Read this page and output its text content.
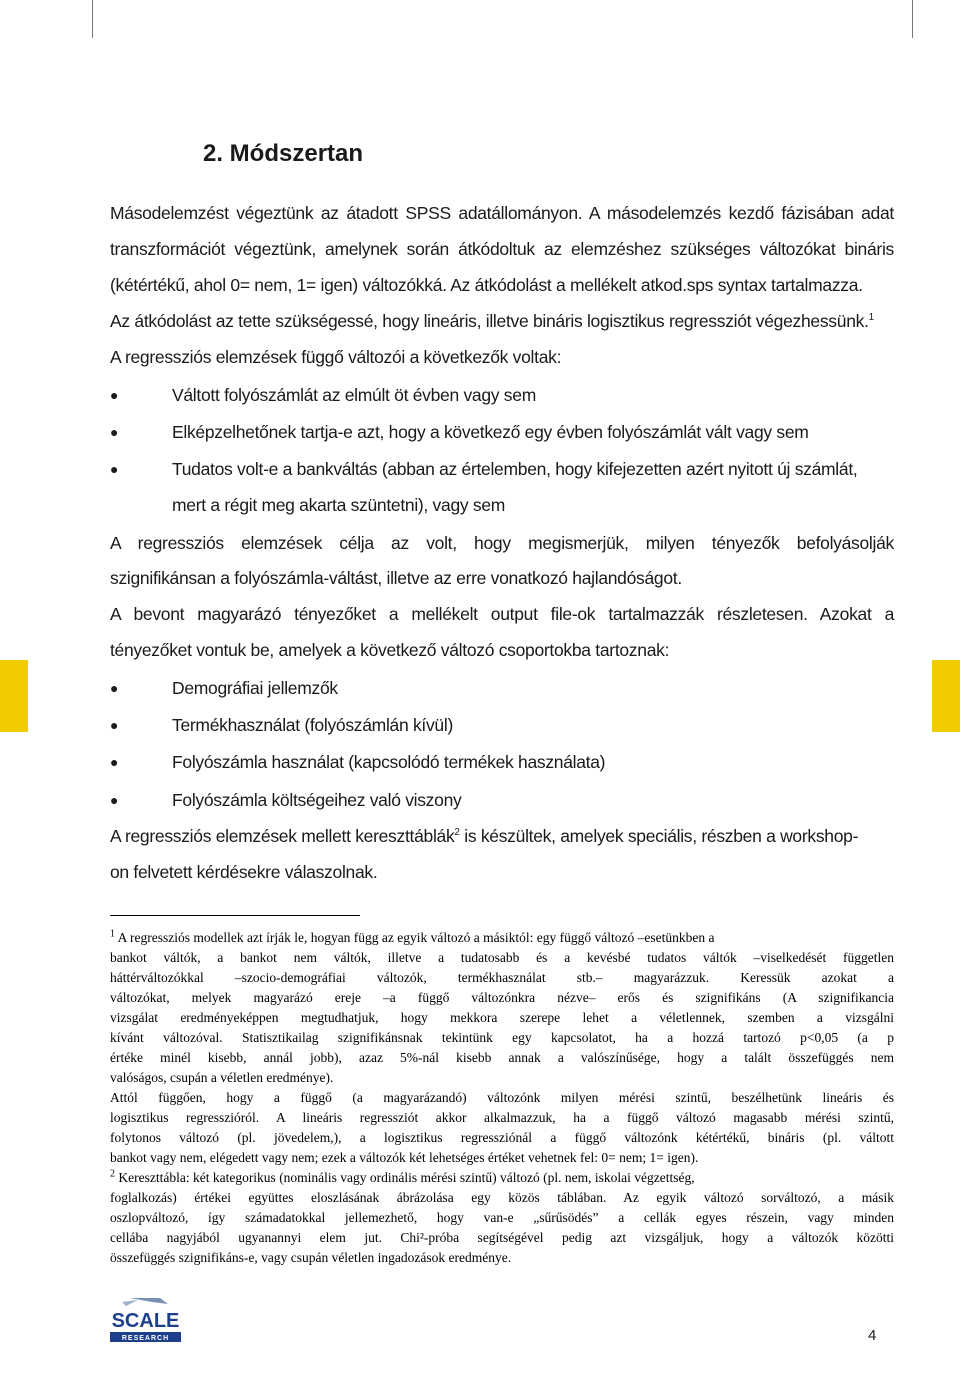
2. Módszertan
Másodelemzést végeztünk az átadott SPSS adatállományon. A másodelemzés kezdő fázisában adat
transzformációt végeztünk, amelynek során átkódoltuk az elemzéshez szükséges változókat bináris
(kétértékű, ahol 0= nem, 1= igen) változókká. Az átkódolást a mellékelt atkod.sps syntax tartalmazza.
Az átkódolást az tette szükségessé, hogy lineáris, illetve bináris logisztikus regressziót végezhessünk.$^1$
A regressziós elemzések függő változói a következők voltak:
●	Váltott folyószámlát az elmúlt öt évben vagy sem
●	Elképzelhetőnek tartja-e azt, hogy a következő egy évben folyószámlát vált vagy sem
●	Tudatos volt-e a bankváltás (abban az értelemben, hogy kifejezetten azért nyitott új számlát,
mert a régit meg akarta szüntetni), vagy sem
A regressziós elemzések célja az volt, hogy megismerjük, milyen tényezők befolyásolják
szignifikánsan a folyószámla-váltást, illetve az erre vonatkozó hajlandóságot.
A bevont magyarázó tényezőket a mellékelt output file-ok tartalmazzák részletesen. Azokat a
tényezőket vontuk be, amelyek a következő változó csoportokba tartoznak:
●	Demográfiai jellemzők
●	Termékhasználat (folyószámlán kívül)
●	Folyószámla használat (kapcsolódó termékek használata)
●	Folyószámla költségeihez való viszony
A regressziós elemzések mellett kereszttáblák$^2$ is készültek, amelyek speciális, részben a workshop-
on felvetett kérdésekre válaszolnak.
$^1$ A regressziós modellek azt írják le, hogyan függ az egyik változó a másiktól: egy függő változó –esetünkben a
bankot váltók, a bankot nem váltók, illetve a tudatosabb és a kevésbé tudatos váltók –viselkedését független
háttérváltozókkal –szocio-demográfiai változók, termékhasználat stb.– magyarázzuk. Keressük azokat a
változókat, melyek magyarázó ereje –a függő változónkra nézve– erős és szignifikáns (A szignifikancia
vizsgálat eredményeképpen megtudhatjuk, hogy mekkora szerepe lehet a véletlennek, szemben a vizsgálni
kívánt változóval. Statisztikailag szignifikánsnak tekintünk egy kapcsolatot, ha a hozzá tartozó p<0,05 (a p
értéke minél kisebb, annál jobb), azaz 5%-nál kisebb annak a valószínűsége, hogy a talált összefüggés nem
valóságos, csupán a véletlen eredménye).
Attól függően, hogy a függő (a magyarázandó) változónk milyen mérési szintű, beszélhetünk lineáris és
logisztikus regresszióról. A lineáris regressziót akkor alkalmazzuk, ha a függő változó magasabb mérési szintű,
folytonos változó (pl. jövedelem,), a logisztikus regressziónál a függő változónk kétértékű, bináris (pl. váltott
bankot vagy nem, elégedett vagy nem; ezek a változók két lehetséges értéket vehetnek fel: 0= nem; 1= igen).
$^2$ Kereszttábla: két kategorikus (nominális vagy ordinális mérési szintű) változó (pl. nem, iskolai végzettség,
foglalkozás) értékei együttes eloszlásának ábrázolása egy közös táblában. Az egyik változó sorváltozó, a másik
oszlopváltozó, így számadatokkal jellemezhető, hogy van-e „sűrűsödés” a cellák egyes részein, vagy minden
cellába nagyjából ugyanannyi elem jut. Chi²-próba segítségével pedig azt vizsgáljuk, hogy a változók közötti
összefüggés szignifikáns-e, vagy csupán véletlen ingadozások eredménye.
SCALE
RESEARCH	4
